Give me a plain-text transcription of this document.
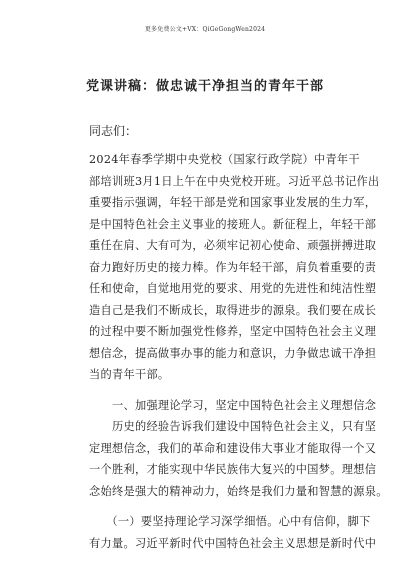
更多免费公文+VX：QiGeGongWen2024
党课讲稿：做忠诚干净担当的青年干部
同志们：
2024年春季学期中央党校（国家行政学院）中青年干
部培训班3月1日上午在中央党校开班。习近平总书记作出
重要指示强调，年轻干部是党和国家事业发展的生力军，
是中国特色社会主义事业的接班人。新征程上，年轻干部
重任在肩、大有可为，必须牢记初心使命、顽强拼搏进取
奋力跑好历史的接力棒。作为年轻干部，肩负着重要的责
任和使命，自觉地用党的要求、用党的先进性和纯洁性塑
造自己是我们不断成长，取得进步的源泉。我们要在成长
的过程中要不断加强党性修养，坚定中国特色社会主义理
想信念，提高做事办事的能力和意识，力争做忠诚干净担
当的青年干部。
　　一、加强理论学习，坚定中国特色社会主义理想信念
　　历史的经验告诉我们建设中国特色社会主义，只有坚
定理想信念，我们的革命和建设伟大事业才能取得一个又
一个胜利，才能实现中华民族伟大复兴的中国梦。理想信
念始终是强大的精神动力，始终是我们力量和智慧的源泉。
　　（一）要坚持理论学习深学细悟。心中有信仰，脚下
有力量。习近平新时代中国特色社会主义思想是新时代中
